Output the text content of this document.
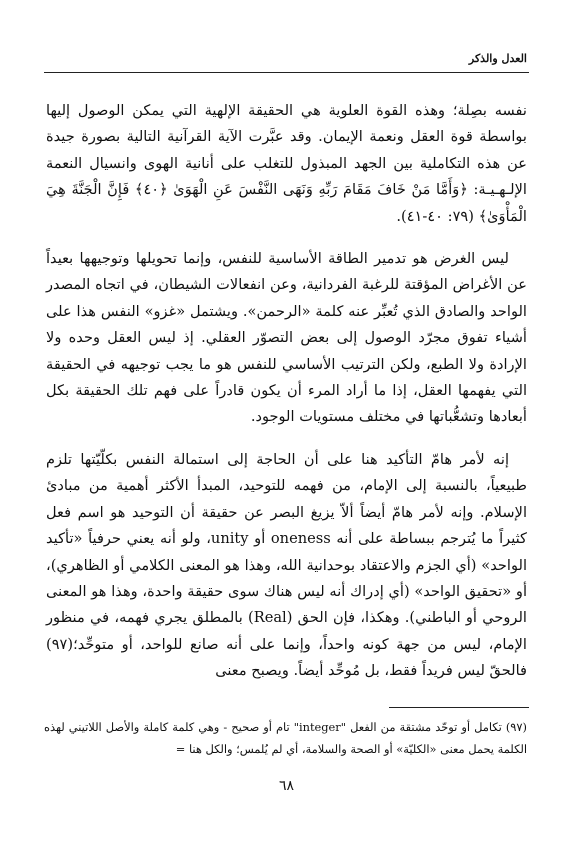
العدل والذكر

نفسه بصِلة؛ وهذه القوة العلوية هي الحقيقة الإلهية التي يمكن الوصول إليها بواسطة قوة العقل ونعمة الإيمان. وقد عبَّرت الآية القرآنية التالية بصورة جيدة عن هذه التكاملية بين الجهد المبذول للتغلب على أنانية الهوى وانسيال النعمة الإلـهـيـة: ﴿وَأَمَّا مَنْ خَافَ مَقَامَ رَبِّهِ وَنَهَى النَّفْسَ عَنِ الْهَوَىٰ ﴿٤٠﴾ فَإِنَّ الْجَنَّةَ هِيَ الْمَأْوَىٰ﴾ (٧٩: ٤٠-٤١).

ليس الغرض هو تدمير الطاقة الأساسية للنفس، وإنما تحويلها وتوجيهها بعيداً عن الأغراض المؤقتة للرغبة الفردانية، وعن انفعالات الشيطان، في اتجاه المصدر الواحد والصادق الذي تُعبِّر عنه كلمة «الرحمن». ويشتمل «غزو» النفس هذا على أشياء تفوق مجرّد الوصول إلى بعض التصوّر العقلي. إذ ليس العقل وحده ولا الإرادة ولا الطبع، ولكن الترتيب الأساسي للنفس هو ما يجب توجيهه في الحقيقة التي يفهمها العقل، إذا ما أراد المرء أن يكون قادراً على فهم تلك الحقيقة بكل أبعادها وتشعُّباتها في مختلف مستويات الوجود.

إنه لأمر هامّ التأكيد هنا على أن الحاجة إلى استمالة النفس بكلّيّتها تلزم طبيعياً، بالنسبة إلى الإمام، من فهمه للتوحيد، المبدأ الأكثر أهمية من مبادئ الإسلام. وإنه لأمر هامّ أيضاً ألاّ يزيغ البصر عن حقيقة أن التوحيد هو اسم فعل كثيراً ما يُترجم ببساطة على أنه oneness أو unity، ولو أنه يعني حرفياً «تأكيد الواحد» (أي الجزم والاعتقاد بوحدانية الله، وهذا هو المعنى الكلامي أو الظاهري)، أو «تحقيق الواحد» (أي إدراك أنه ليس هناك سوى حقيقة واحدة، وهذا هو المعنى الروحي أو الباطني). وهكذا، فإن الحق (Real) بالمطلق يجري فهمه، في منظور الإمام، ليس من جهة كونه واحداً، وإنما على أنه صانع للواحد، أو متوحِّد؛(٩٧) فالحقّ ليس فريداً فقط، بل مُوحِّد أيضاً. ويصبح معنى

(٩٧) تكامل أو توحّد مشتقة من الفعل "integer" تام أو صحيح - وهي كلمة كاملة والأصل اللاتيني لهذه الكلمة يحمل معنى «الكليّة» أو الصحة والسلامة، أي لم يُلمس؛ والكل هنا =

٦٨
